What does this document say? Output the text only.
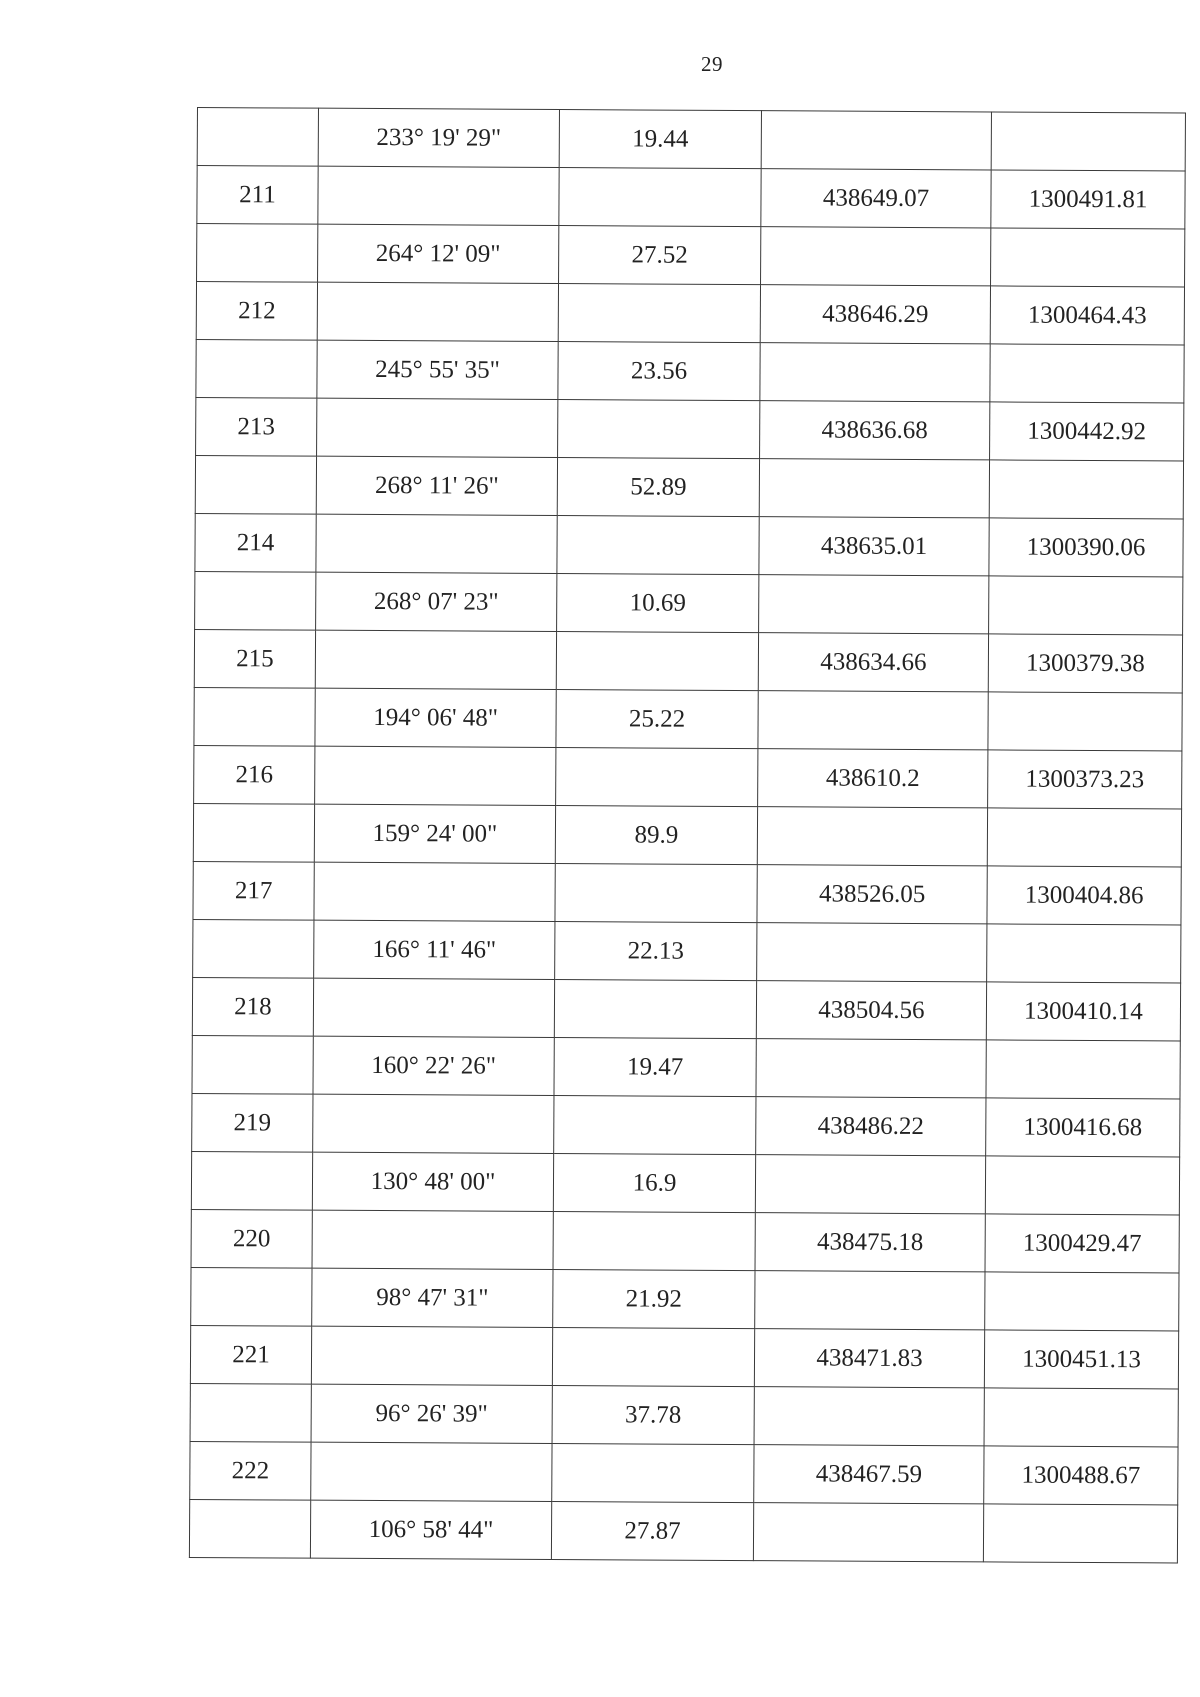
29
	233° 19' 29"	19.44		
211			438649.07	1300491.81
	264° 12' 09"	27.52		
212			438646.29	1300464.43
	245° 55' 35"	23.56		
213			438636.68	1300442.92
	268° 11' 26"	52.89		
214			438635.01	1300390.06
	268° 07' 23"	10.69		
215			438634.66	1300379.38
	194° 06' 48"	25.22		
216			438610.2	1300373.23
	159° 24' 00"	89.9		
217			438526.05	1300404.86
	166° 11' 46"	22.13		
218			438504.56	1300410.14
	160° 22' 26"	19.47		
219			438486.22	1300416.68
	130° 48' 00"	16.9		
220			438475.18	1300429.47
	98° 47' 31"	21.92		
221			438471.83	1300451.13
	96° 26' 39"	37.78		
222			438467.59	1300488.67
	106° 58' 44"	27.87		
